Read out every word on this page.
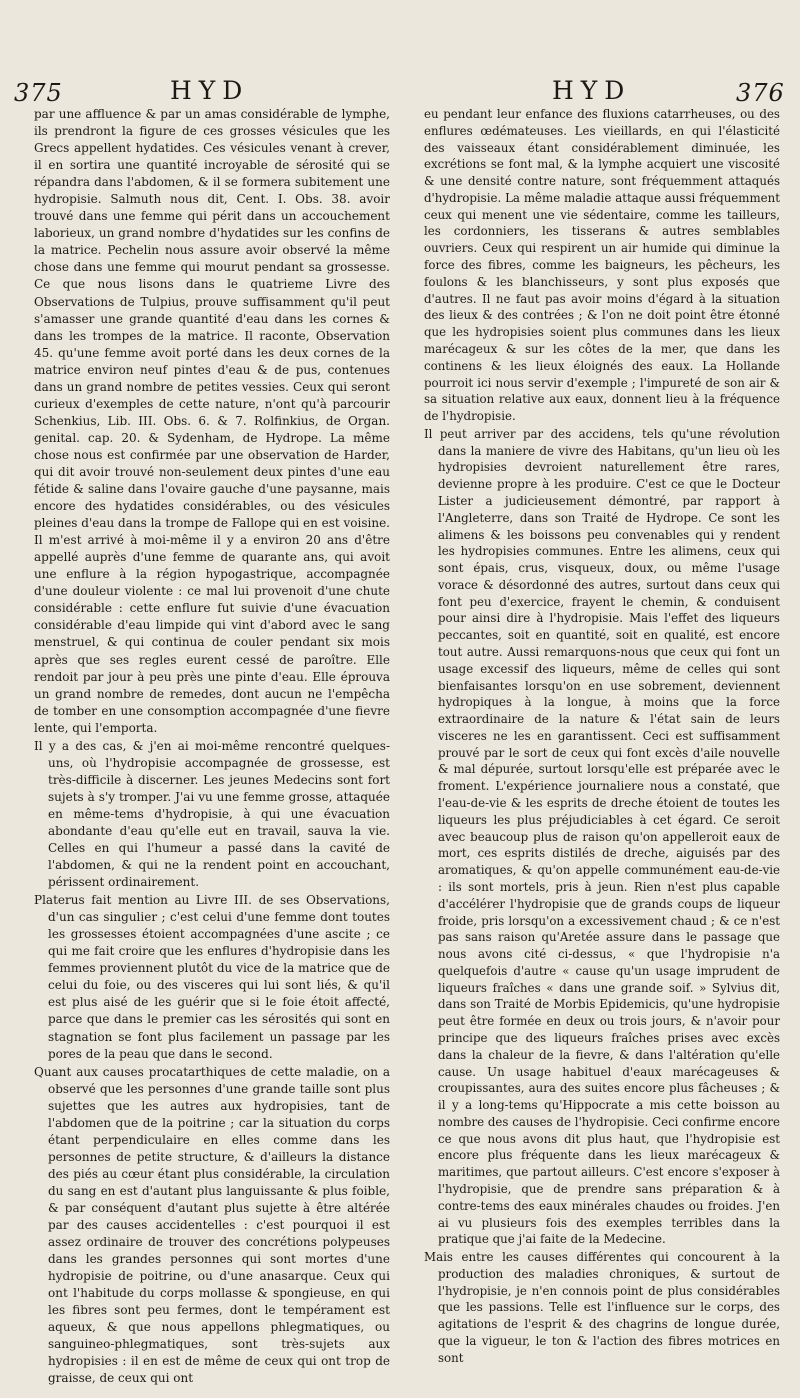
375	HYD	HYD	376

par une affluence & par un amas considérable de lymphe, ils prendront la figure de ces grosses vésicules que les Grecs appellent hydatides. Ces vésicules venant à crever, il en sortira une quantité incroyable de sérosité qui se répandra dans l'abdomen, & il se formera subitement une hydropisie. Salmuth nous dit, Cent. I. Obs. 38. avoir trouvé dans une femme qui périt dans un accouchement laborieux, un grand nombre d'hydatides sur les confins de la matrice. Pechelin nous assure avoir observé la même chose dans une femme qui mourut pendant sa grossesse. Ce que nous lisons dans le quatrieme Livre des Observations de Tulpius, prouve suffisamment qu'il peut s'amasser une grande quantité d'eau dans les cornes & dans les trompes de la matrice. Il raconte, Observation 45. qu'une femme avoit porté dans les deux cornes de la matrice environ neuf pintes d'eau & de pus, contenues dans un grand nombre de petites vessies. Ceux qui seront curieux d'exemples de cette nature, n'ont qu'à parcourir Schenkius, Lib. III. Obs. 6. & 7. Rolfinkius, de Organ. genital. cap. 20. & Sydenham, de Hydrope. La même chose nous est confirmée par une observation de Harder, qui dit avoir trouvé non-seulement deux pintes d'une eau fétide & saline dans l'ovaire gauche d'une paysanne, mais encore des hydatides considérables, ou des vésicules pleines d'eau dans la trompe de Fallope qui en est voisine. Il m'est arrivé à moi-même il y a environ 20 ans d'être appellé auprès d'une femme de quarante ans, qui avoit une enflure à la région hypogastrique, accompagnée d'une douleur violente : ce mal lui provenoit d'une chute considérable : cette enflure fut suivie d'une évacuation considérable d'eau limpide qui vint d'abord avec le sang menstruel, & qui continua de couler pendant six mois après que ses regles eurent cessé de paroître. Elle rendoit par jour à peu près une pinte d'eau. Elle éprouva un grand nombre de remedes, dont aucun ne l'empêcha de tomber en une consomption accompagnée d'une fievre lente, qui l'emporta.

Il y a des cas, & j'en ai moi-même rencontré quelques-uns, où l'hydropisie accompagnée de grossesse, est très-difficile à discerner. Les jeunes Medecins sont fort sujets à s'y tromper. J'ai vu une femme grosse, attaquée en même-tems d'hydropisie, à qui une évacuation abondante d'eau qu'elle eut en travail, sauva la vie. Celles en qui l'humeur a passé dans la cavité de l'abdomen, & qui ne la rendent point en accouchant, périssent ordinairement.

Platerus fait mention au Livre III. de ses Observations, d'un cas singulier ; c'est celui d'une femme dont toutes les grossesses étoient accompagnées d'une ascite ; ce qui me fait croire que les enflures d'hydropisie dans les femmes proviennent plutôt du vice de la matrice que de celui du foie, ou des visceres qui lui sont liés, & qu'il est plus aisé de les guérir que si le foie étoit affecté, parce que dans le premier cas les sérosités qui sont en stagnation se font plus facilement un passage par les pores de la peau que dans le second.

Quant aux causes procatarthiques de cette maladie, on a observé que les personnes d'une grande taille sont plus sujettes que les autres aux hydropisies, tant de l'abdomen que de la poitrine ; car la situation du corps étant perpendiculaire en elles comme dans les personnes de petite structure, & d'ailleurs la distance des piés au cœur étant plus considérable, la circulation du sang en est d'autant plus languissante & plus foible, & par conséquent d'autant plus sujette à être altérée par des causes accidentelles : c'est pourquoi il est assez ordinaire de trouver des concrétions polypeuses dans les grandes personnes qui sont mortes d'une hydropisie de poitrine, ou d'une anasarque. Ceux qui ont l'habitude du corps mollasse & spongieuse, en qui les fibres sont peu fermes, dont le tempérament est aqueux, & que nous appellons phlegmatiques, ou sanguineo-phlegmatiques, sont très-sujets aux hydropisies : il en est de même de ceux qui ont trop de graisse, de ceux qui ont

eu pendant leur enfance des fluxions catarrheuses, ou des enflures œdémateuses. Les vieillards, en qui l'élasticité des vaisseaux étant considérablement diminuée, les excrétions se font mal, & la lymphe acquiert une viscosité & une densité contre nature, sont fréquemment attaqués d'hydropisie. La même maladie attaque aussi fréquemment ceux qui menent une vie sédentaire, comme les tailleurs, les cordonniers, les tisserans & autres semblables ouvriers. Ceux qui respirent un air humide qui diminue la force des fibres, comme les baigneurs, les pêcheurs, les foulons & les blanchisseurs, y sont plus exposés que d'autres. Il ne faut pas avoir moins d'égard à la situation des lieux & des contrées ; & l'on ne doit point être étonné que les hydropisies soient plus communes dans les lieux marécageux & sur les côtes de la mer, que dans les continens & les lieux éloignés des eaux. La Hollande pourroit ici nous servir d'exemple ; l'impureté de son air & sa situation relative aux eaux, donnent lieu à la fréquence de l'hydropisie.

Il peut arriver par des accidens, tels qu'une révolution dans la maniere de vivre des Habitans, qu'un lieu où les hydropisies devroient naturellement être rares, devienne propre à les produire. C'est ce que le Docteur Lister a judicieusement démontré, par rapport à l'Angleterre, dans son Traité de Hydrope. Ce sont les alimens & les boissons peu convenables qui y rendent les hydropisies communes. Entre les alimens, ceux qui sont épais, crus, visqueux, doux, ou même l'usage vorace & désordonné des autres, surtout dans ceux qui font peu d'exercice, frayent le chemin, & conduisent pour ainsi dire à l'hydropisie. Mais l'effet des liqueurs peccantes, soit en quantité, soit en qualité, est encore tout autre. Aussi remarquons-nous que ceux qui font un usage excessif des liqueurs, même de celles qui sont bienfaisantes lorsqu'on en use sobrement, deviennent hydropiques à la longue, à moins que la force extraordinaire de la nature & l'état sain de leurs visceres ne les en garantissent. Ceci est suffisamment prouvé par le sort de ceux qui font excès d'aile nouvelle & mal dépurée, surtout lorsqu'elle est préparée avec le froment. L'expérience journaliere nous a constaté, que l'eau-de-vie & les esprits de dreche étoient de toutes les liqueurs les plus préjudiciables à cet égard. Ce seroit avec beaucoup plus de raison qu'on appelleroit eaux de mort, ces esprits distilés de dreche, aiguisés par des aromatiques, & qu'on appelle communément eau-de-vie : ils sont mortels, pris à jeun. Rien n'est plus capable d'accélérer l'hydropisie que de grands coups de liqueur froide, pris lorsqu'on a excessivement chaud ; & ce n'est pas sans raison qu'Aretée assure dans le passage que nous avons cité ci-dessus, « que l'hydropisie n'a quelquefois d'autre « cause qu'un usage imprudent de liqueurs fraîches « dans une grande soif. » Sylvius dit, dans son Traité de Morbis Epidemicis, qu'une hydropisie peut être formée en deux ou trois jours, & n'avoir pour principe que des liqueurs fraîches prises avec excès dans la chaleur de la fievre, & dans l'altération qu'elle cause. Un usage habituel d'eaux marécageuses & croupissantes, aura des suites encore plus fâcheuses ; & il y a long-tems qu'Hippocrate a mis cette boisson au nombre des causes de l'hydropisie. Ceci confirme encore ce que nous avons dit plus haut, que l'hydropisie est encore plus fréquente dans les lieux marécageux & maritimes, que partout ailleurs. C'est encore s'exposer à l'hydropisie, que de prendre sans préparation & à contre-tems des eaux minérales chaudes ou froides. J'en ai vu plusieurs fois des exemples terribles dans la pratique que j'ai faite de la Medecine.

Mais entre les causes différentes qui concourent à la production des maladies chroniques, & surtout de l'hydropisie, je n'en connois point de plus considérables que les passions. Telle est l'influence sur le corps, des agitations de l'esprit & des chagrins de longue durée, que la vigueur, le ton & l'action des fibres motrices en sont
